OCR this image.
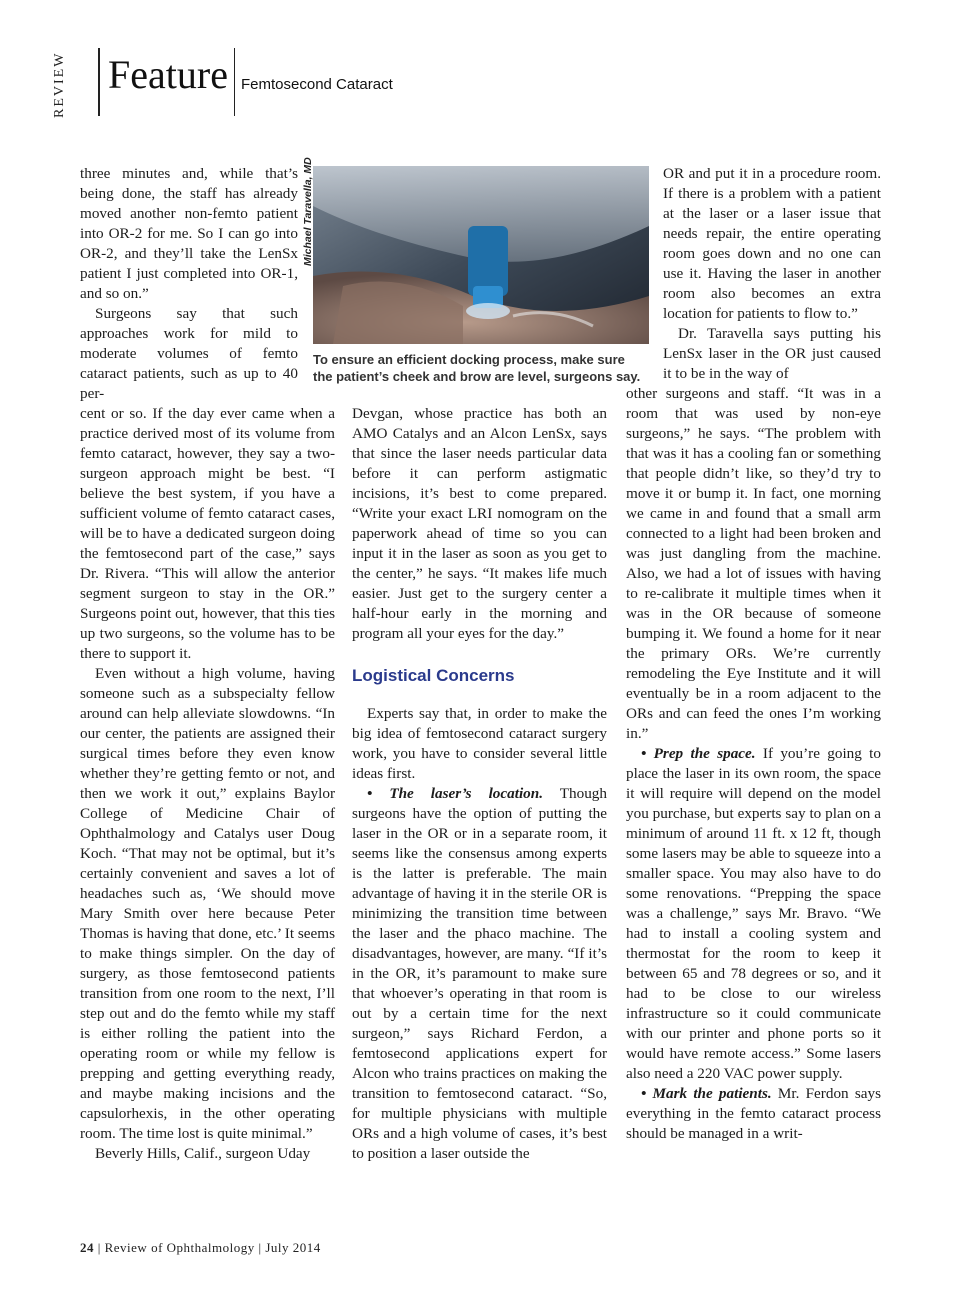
REVIEW Feature Femtosecond Cataract
Michael Taravella, MD
To ensure an efficient docking process, make sure the patient’s cheek and brow are level, surgeons say.

three minutes and, while that’s being done, the staff has already moved another non-femto patient into OR-2 for me. So I can go into OR-2, and they’ll take the LenSx patient I just completed into OR-1, and so on.”

Surgeons say that such approaches work for mild to moderate volumes of femto cataract patients, such as up to 40 per-

cent or so. If the day ever came when a practice derived most of its volume from femto cataract, however, they say a two-surgeon approach might be best. “I believe the best system, if you have a sufficient volume of femto cataract cases, will be to have a dedicated surgeon doing the femtosecond part of the case,” says Dr. Rivera. “This will allow the anterior segment surgeon to stay in the OR.” Surgeons point out, however, that this ties up two surgeons, so the volume has to be there to support it.

Even without a high volume, having someone such as a subspecialty fellow around can help alleviate slowdowns. “In our center, the patients are assigned their surgical times before they even know whether they’re getting femto or not, and then we work it out,” explains Baylor College of Medicine Chair of Ophthalmology and Catalys user Doug Koch. “That may not be optimal, but it’s certainly convenient and saves a lot of headaches such as, ‘We should move Mary Smith over here because Peter Thomas is having that done, etc.’ It seems to make things simpler. On the day of surgery, as those femtosecond patients transition from one room to the next, I’ll step out and do the femto while my staff is either rolling the patient into the operating room or while my fellow is prepping and getting everything ready, and maybe making incisions and the capsulorhexis, in the other operating room. The time lost is quite minimal.”

Beverly Hills, Calif., surgeon Uday

Devgan, whose practice has both an AMO Catalys and an Alcon LenSx, says that since the laser needs particular data before it can perform astigmatic incisions, it’s best to come prepared. “Write your exact LRI nomogram on the paperwork ahead of time so you can input it in the laser as soon as you get to the center,” he says. “It makes life much easier. Just get to the surgery center a half-hour early in the morning and program all your eyes for the day.”

Logistical Concerns

Experts say that, in order to make the big idea of femtosecond cataract surgery work, you have to consider several little ideas first.

• The laser’s location. Though surgeons have the option of putting the laser in the OR or in a separate room, it seems like the consensus among experts is the latter is preferable. The main advantage of having it in the sterile OR is minimizing the transition time between the laser and the phaco machine. The disadvantages, however, are many. “If it’s in the OR, it’s paramount to make sure that whoever’s operating in that room is out by a certain time for the next surgeon,” says Richard Ferdon, a femtosecond applications expert for Alcon who trains practices on making the transition to femtosecond cataract. “So, for multiple physicians with multiple ORs and a high volume of cases, it’s best to position a laser outside the

OR and put it in a procedure room. If there is a problem with a patient at the laser or a laser issue that needs repair, the entire operating room goes down and no one can use it. Having the laser in another room also becomes an extra location for patients to flow to.”

Dr. Taravella says putting his LenSx laser in the OR just caused it to be in the way of

other surgeons and staff. “It was in a room that was used by non-eye surgeons,” he says. “The problem with that was it has a cooling fan or something that people didn’t like, so they’d try to move it or bump it. In fact, one morning we came in and found that a small arm connected to a light had been broken and was just dangling from the machine. Also, we had a lot of issues with having to re-calibrate it multiple times when it was in the OR because of someone bumping it. We found a home for it near the primary ORs. We’re currently remodeling the Eye Institute and it will eventually be in a room adjacent to the ORs and can feed the ones I’m working in.”

• Prep the space. If you’re going to place the laser in its own room, the space it will require will depend on the model you purchase, but experts say to plan on a minimum of around 11 ft. x 12 ft, though some lasers may be able to squeeze into a smaller space. You may also have to do some renovations. “Prepping the space was a challenge,” says Mr. Bravo. “We had to install a cooling system and thermostat for the room to keep it between 65 and 78 degrees or so, and it had to be close to our wireless infrastructure so it could communicate with our printer and phone ports so it would have remote access.” Some lasers also need a 220 VAC power supply.

• Mark the patients. Mr. Ferdon says everything in the femto cataract process should be managed in a writ-

24 | Review of Ophthalmology | July 2014
